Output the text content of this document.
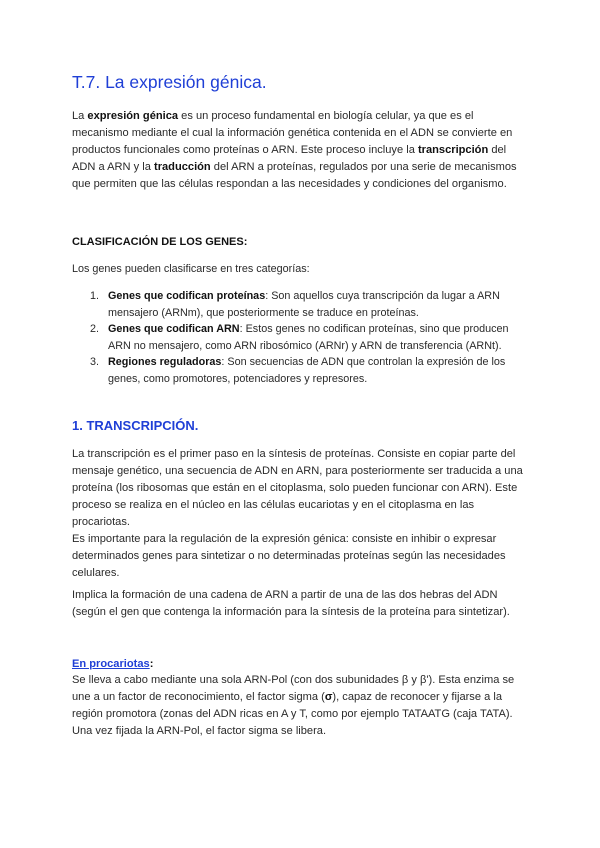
T.7. La expresión génica.

La expresión génica es un proceso fundamental en biología celular, ya que es el mecanismo mediante el cual la información genética contenida en el ADN se convierte en productos funcionales como proteínas o ARN. Este proceso incluye la transcripción del ADN a ARN y la traducción del ARN a proteínas, regulados por una serie de mecanismos que permiten que las células respondan a las necesidades y condiciones del organismo.

CLASIFICACIÓN DE LOS GENES:

Los genes pueden clasificarse en tres categorías:

1. Genes que codifican proteínas: Son aquellos cuya transcripción da lugar a ARN mensajero (ARNm), que posteriormente se traduce en proteínas.
2. Genes que codifican ARN: Estos genes no codifican proteínas, sino que producen ARN no mensajero, como ARN ribosómico (ARNr) y ARN de transferencia (ARNt).
3. Regiones reguladoras: Son secuencias de ADN que controlan la expresión de los genes, como promotores, potenciadores y represores.
1. TRANSCRIPCIÓN.

La transcripción es el primer paso en la síntesis de proteínas. Consiste en copiar parte del mensaje genético, una secuencia de ADN en ARN, para posteriormente ser traducida a una proteína (los ribosomas que están en el citoplasma, solo pueden funcionar con ARN). Este proceso se realiza en el núcleo en las células eucariotas y en el citoplasma en las procariotas.

Es importante para la regulación de la expresión génica: consiste en inhibir o expresar determinados genes para sintetizar o no determinadas proteínas según las necesidades celulares.

Implica la formación de una cadena de ARN a partir de una de las dos hebras del ADN (según el gen que contenga la información para la síntesis de la proteína para sintetizar).

En procariotas:

Se lleva a cabo mediante una sola ARN-Pol (con dos subunidades β y β'). Esta enzima se une a un factor de reconocimiento, el factor sigma (σ), capaz de reconocer y fijarse a la región promotora (zonas del ADN ricas en A y T, como por ejemplo TATAATG (caja TATA). Una vez fijada la ARN-Pol, el factor sigma se libera.
